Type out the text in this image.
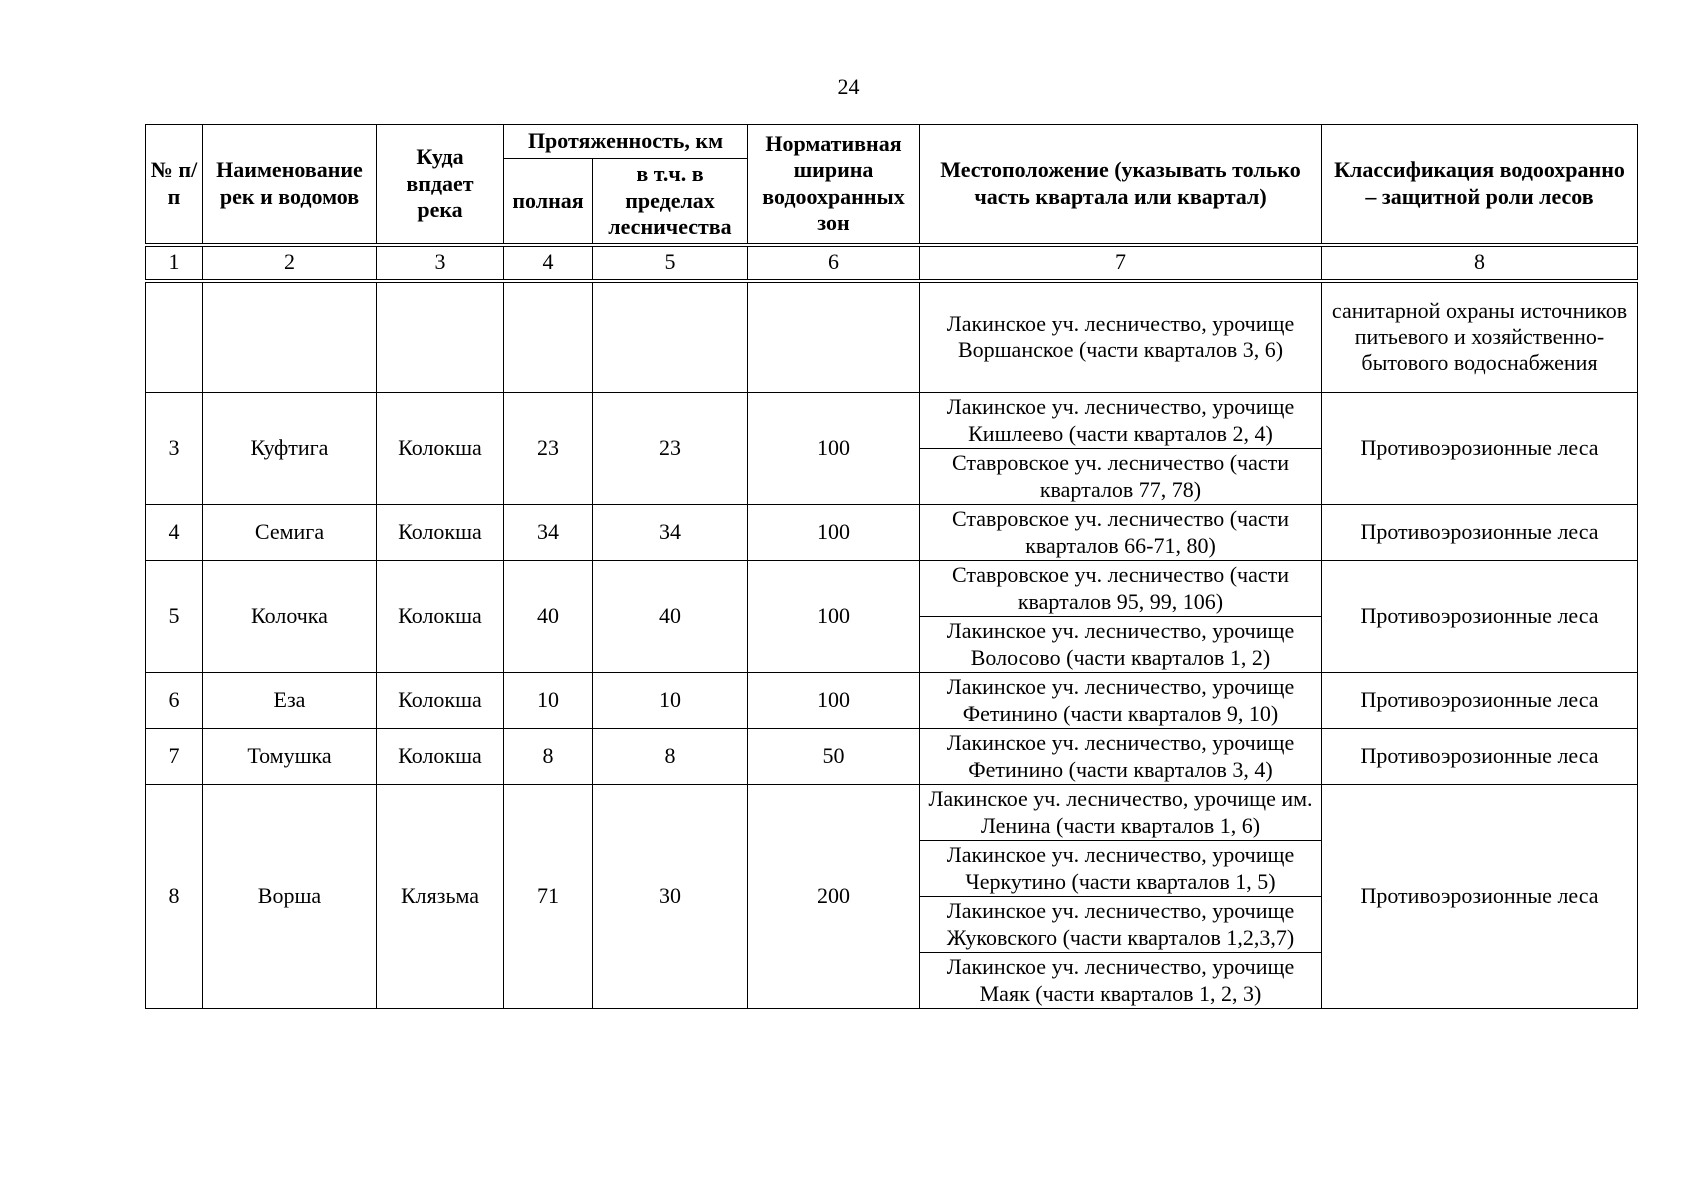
24
№ п/п	Наименование рек и водомов	Куда впдает река	Протяженность, км		Нормативная ширина водоохранных зон	Местоположение (указывать только часть квартала или квартал)	Классификация водоохранно – защитной роли лесов
			полная	в т.ч. в пределах лесничества			
1	2	3	4	5	6	7	8
						Лакинское уч. лесничество, урочище Воршанское (части кварталов 3, 6)	санитарной охраны источников питьевого и хозяйственно-бытового водоснабжения
3	Куфтига	Колокша	23	23	100	Лакинское уч. лесничество, урочище Кишлеево (части кварталов 2, 4)	Противоэрозионные леса
						Ставровское уч. лесничество (части кварталов 77, 78)	
4	Семига	Колокша	34	34	100	Ставровское уч. лесничество (части кварталов 66-71, 80)	Противоэрозионные леса
5	Колочка	Колокша	40	40	100	Ставровское уч. лесничество (части кварталов 95, 99, 106)	Противоэрозионные леса
						Лакинское уч. лесничество, урочище Волосово (части кварталов 1, 2)	
6	Еза	Колокша	10	10	100	Лакинское уч. лесничество, урочище Фетинино (части кварталов 9, 10)	Противоэрозионные леса
7	Томушка	Колокша	8	8	50	Лакинское уч. лесничество, урочище Фетинино (части кварталов 3, 4)	Противоэрозионные леса
8	Ворша	Клязьма	71	30	200	Лакинское уч. лесничество, урочище им. Ленина (части кварталов 1, 6)	Противоэрозионные леса
						Лакинское уч. лесничество, урочище Черкутино (части кварталов 1, 5)	
						Лакинское уч. лесничество, урочище Жуковского (части кварталов 1,2,3,7)	
						Лакинское уч. лесничество, урочище Маяк (части кварталов 1, 2, 3)	
